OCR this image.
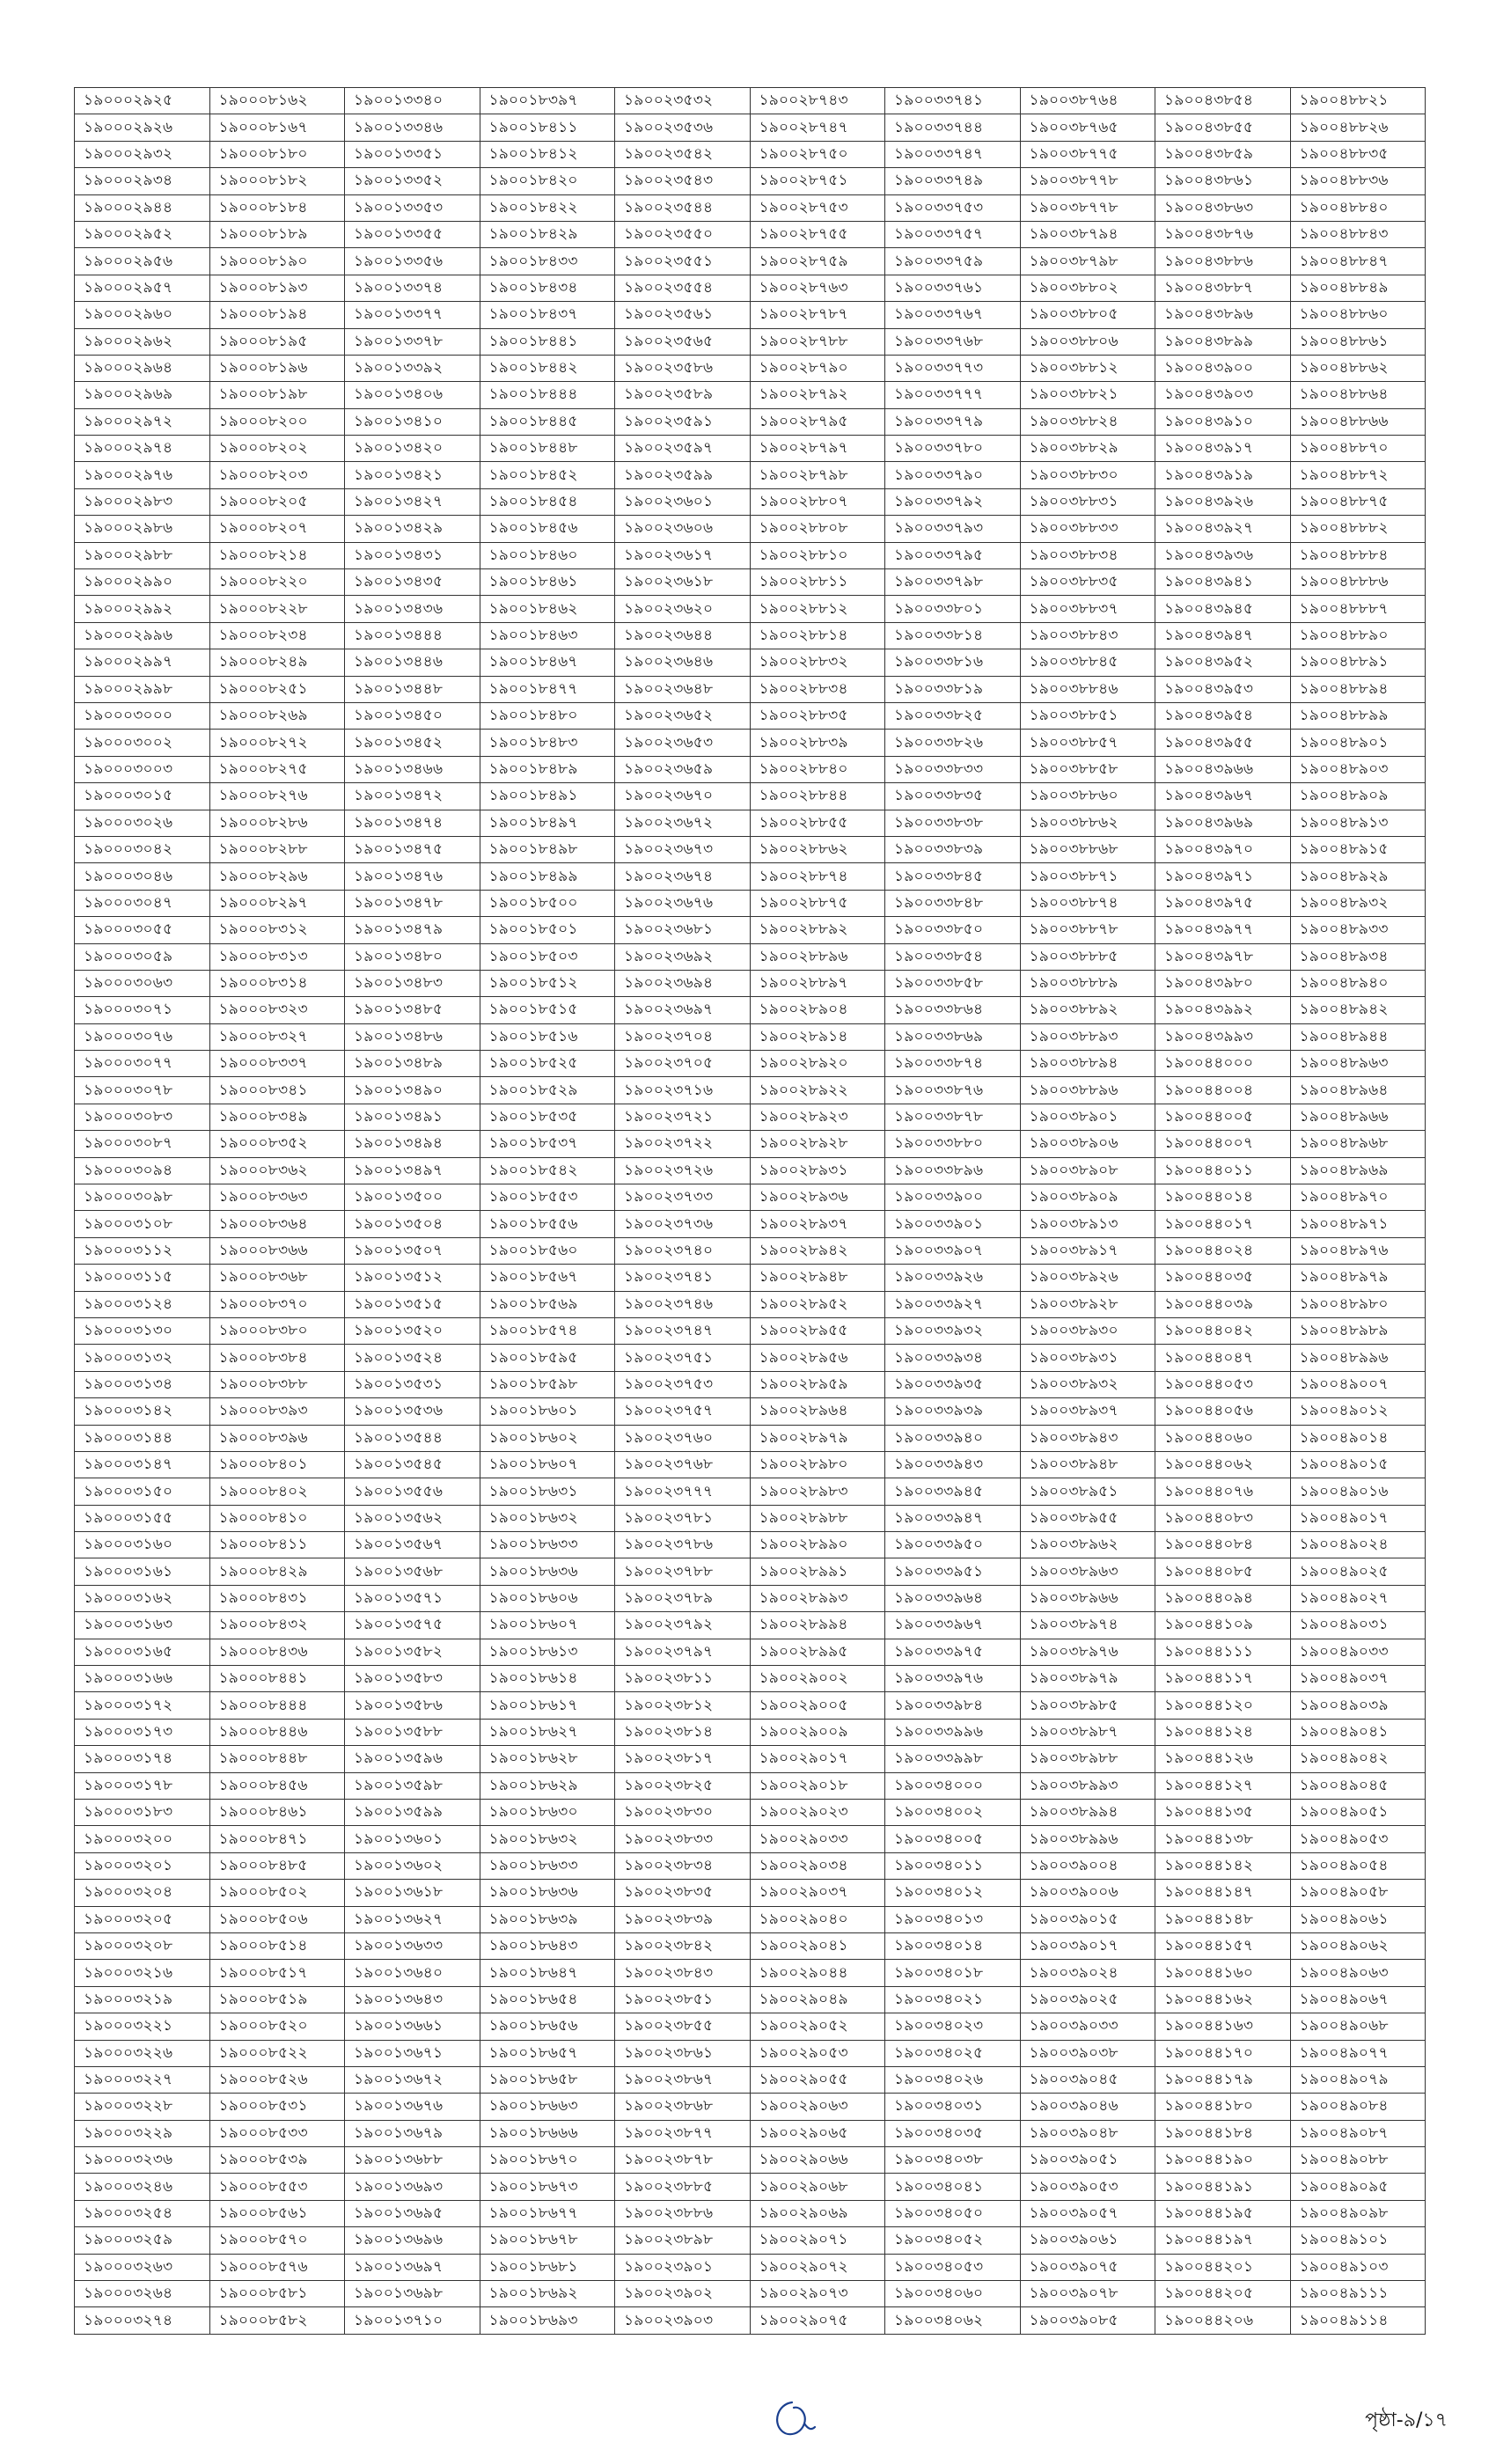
১৯০০০২৯২৫	১৯০০০৮১৬২	১৯০০১৩৩৪০	১৯০০১৮৩৯৭	১৯০০২৩৫৩২	১৯০০২৮৭৪৩	১৯০০৩৩৭৪১	১৯০০৩৮৭৬৪	১৯০০৪৩৮৫৪	১৯০০৪৮৮২১
১৯০০০২৯২৬	১৯০০০৮১৬৭	১৯০০১৩৩৪৬	১৯০০১৮৪১১	১৯০০২৩৫৩৬	১৯০০২৮৭৪৭	১৯০০৩৩৭৪৪	১৯০০৩৮৭৬৫	১৯০০৪৩৮৫৫	১৯০০৪৮৮২৬
১৯০০০২৯৩২	১৯০০০৮১৮০	১৯০০১৩৩৫১	১৯০০১৮৪১২	১৯০০২৩৫৪২	১৯০০২৮৭৫০	১৯০০৩৩৭৪৭	১৯০০৩৮৭৭৫	১৯০০৪৩৮৫৯	১৯০০৪৮৮৩৫
১৯০০০২৯৩৪	১৯০০০৮১৮২	১৯০০১৩৩৫২	১৯০০১৮৪২০	১৯০০২৩৫৪৩	১৯০০২৮৭৫১	১৯০০৩৩৭৪৯	১৯০০৩৮৭৭৮	১৯০০৪৩৮৬১	১৯০০৪৮৮৩৬
১৯০০০২৯৪৪	১৯০০০৮১৮৪	১৯০০১৩৩৫৩	১৯০০১৮৪২২	১৯০০২৩৫৪৪	১৯০০২৮৭৫৩	১৯০০৩৩৭৫৩	১৯০০৩৮৭৭৮	১৯০০৪৩৮৬৩	১৯০০৪৮৮৪০
১৯০০০২৯৫২	১৯০০০৮১৮৯	১৯০০১৩৩৫৫	১৯০০১৮৪২৯	১৯০০২৩৫৫০	১৯০০২৮৭৫৫	১৯০০৩৩৭৫৭	১৯০০৩৮৭৯৪	১৯০০৪৩৮৭৬	১৯০০৪৮৮৪৩
১৯০০০২৯৫৬	১৯০০০৮১৯০	১৯০০১৩৩৫৬	১৯০০১৮৪৩৩	১৯০০২৩৫৫১	১৯০০২৮৭৫৯	১৯০০৩৩৭৫৯	১৯০০৩৮৭৯৮	১৯০০৪৩৮৮৬	১৯০০৪৮৮৪৭
১৯০০০২৯৫৭	১৯০০০৮১৯৩	১৯০০১৩৩৭৪	১৯০০১৮৪৩৪	১৯০০২৩৫৫৪	১৯০০২৮৭৬৩	১৯০০৩৩৭৬১	১৯০০৩৮৮০২	১৯০০৪৩৮৮৭	১৯০০৪৮৮৪৯
১৯০০০২৯৬০	১৯০০০৮১৯৪	১৯০০১৩৩৭৭	১৯০০১৮৪৩৭	১৯০০২৩৫৬১	১৯০০২৮৭৮৭	১৯০০৩৩৭৬৭	১৯০০৩৮৮০৫	১৯০০৪৩৮৯৬	১৯০০৪৮৮৬০
১৯০০০২৯৬২	১৯০০০৮১৯৫	১৯০০১৩৩৭৮	১৯০০১৮৪৪১	১৯০০২৩৫৬৫	১৯০০২৮৭৮৮	১৯০০৩৩৭৬৮	১৯০০৩৮৮০৬	১৯০০৪৩৮৯৯	১৯০০৪৮৮৬১
১৯০০০২৯৬৪	১৯০০০৮১৯৬	১৯০০১৩৩৯২	১৯০০১৮৪৪২	১৯০০২৩৫৮৬	১৯০০২৮৭৯০	১৯০০৩৩৭৭৩	১৯০০৩৮৮১২	১৯০০৪৩৯০০	১৯০০৪৮৮৬২
১৯০০০২৯৬৯	১৯০০০৮১৯৮	১৯০০১৩৪০৬	১৯০০১৮৪৪৪	১৯০০২৩৫৮৯	১৯০০২৮৭৯২	১৯০০৩৩৭৭৭	১৯০০৩৮৮২১	১৯০০৪৩৯০৩	১৯০০৪৮৮৬৪
১৯০০০২৯৭২	১৯০০০৮২০০	১৯০০১৩৪১০	১৯০০১৮৪৪৫	১৯০০২৩৫৯১	১৯০০২৮৭৯৫	১৯০০৩৩৭৭৯	১৯০০৩৮৮২৪	১৯০০৪৩৯১০	১৯০০৪৮৮৬৬
১৯০০০২৯৭৪	১৯০০০৮২০২	১৯০০১৩৪২০	১৯০০১৮৪৪৮	১৯০০২৩৫৯৭	১৯০০২৮৭৯৭	১৯০০৩৩৭৮০	১৯০০৩৮৮২৯	১৯০০৪৩৯১৭	১৯০০৪৮৮৭০
১৯০০০২৯৭৬	১৯০০০৮২০৩	১৯০০১৩৪২১	১৯০০১৮৪৫২	১৯০০২৩৫৯৯	১৯০০২৮৭৯৮	১৯০০৩৩৭৯০	১৯০০৩৮৮৩০	১৯০০৪৩৯১৯	১৯০০৪৮৮৭২
১৯০০০২৯৮৩	১৯০০০৮২০৫	১৯০০১৩৪২৭	১৯০০১৮৪৫৪	১৯০০২৩৬০১	১৯০০২৮৮০৭	১৯০০৩৩৭৯২	১৯০০৩৮৮৩১	১৯০০৪৩৯২৬	১৯০০৪৮৮৭৫
১৯০০০২৯৮৬	১৯০০০৮২০৭	১৯০০১৩৪২৯	১৯০০১৮৪৫৬	১৯০০২৩৬০৬	১৯০০২৮৮০৮	১৯০০৩৩৭৯৩	১৯০০৩৮৮৩৩	১৯০০৪৩৯২৭	১৯০০৪৮৮৮২
১৯০০০২৯৮৮	১৯০০০৮২১৪	১৯০০১৩৪৩১	১৯০০১৮৪৬০	১৯০০২৩৬১৭	১৯০০২৮৮১০	১৯০০৩৩৭৯৫	১৯০০৩৮৮৩৪	১৯০০৪৩৯৩৬	১৯০০৪৮৮৮৪
১৯০০০২৯৯০	১৯০০০৮২২০	১৯০০১৩৪৩৫	১৯০০১৮৪৬১	১৯০০২৩৬১৮	১৯০০২৮৮১১	১৯০০৩৩৭৯৮	১৯০০৩৮৮৩৫	১৯০০৪৩৯৪১	১৯০০৪৮৮৮৬
১৯০০০২৯৯২	১৯০০০৮২২৮	১৯০০১৩৪৩৬	১৯০০১৮৪৬২	১৯০০২৩৬২০	১৯০০২৮৮১২	১৯০০৩৩৮০১	১৯০০৩৮৮৩৭	১৯০০৪৩৯৪৫	১৯০০৪৮৮৮৭
১৯০০০২৯৯৬	১৯০০০৮২৩৪	১৯০০১৩৪৪৪	১৯০০১৮৪৬৩	১৯০০২৩৬৪৪	১৯০০২৮৮১৪	১৯০০৩৩৮১৪	১৯০০৩৮৮৪৩	১৯০০৪৩৯৪৭	১৯০০৪৮৮৯০
১৯০০০২৯৯৭	১৯০০০৮২৪৯	১৯০০১৩৪৪৬	১৯০০১৮৪৬৭	১৯০০২৩৬৪৬	১৯০০২৮৮৩২	১৯০০৩৩৮১৬	১৯০০৩৮৮৪৫	১৯০০৪৩৯৫২	১৯০০৪৮৮৯১
১৯০০০২৯৯৮	১৯০০০৮২৫১	১৯০০১৩৪৪৮	১৯০০১৮৪৭৭	১৯০০২৩৬৪৮	১৯০০২৮৮৩৪	১৯০০৩৩৮১৯	১৯০০৩৮৮৪৬	১৯০০৪৩৯৫৩	১৯০০৪৮৮৯৪
১৯০০০৩০০০	১৯০০০৮২৬৯	১৯০০১৩৪৫০	১৯০০১৮৪৮০	১৯০০২৩৬৫২	১৯০০২৮৮৩৫	১৯০০৩৩৮২৫	১৯০০৩৮৮৫১	১৯০০৪৩৯৫৪	১৯০০৪৮৮৯৯
১৯০০০৩০০২	১৯০০০৮২৭২	১৯০০১৩৪৫২	১৯০০১৮৪৮৩	১৯০০২৩৬৫৩	১৯০০২৮৮৩৯	১৯০০৩৩৮২৬	১৯০০৩৮৮৫৭	১৯০০৪৩৯৫৫	১৯০০৪৮৯০১
১৯০০০৩০০৩	১৯০০০৮২৭৫	১৯০০১৩৪৬৬	১৯০০১৮৪৮৯	১৯০০২৩৬৫৯	১৯০০২৮৮৪০	১৯০০৩৩৮৩৩	১৯০০৩৮৮৫৮	১৯০০৪৩৯৬৬	১৯০০৪৮৯০৩
১৯০০০৩০১৫	১৯০০০৮২৭৬	১৯০০১৩৪৭২	১৯০০১৮৪৯১	১৯০০২৩৬৭০	১৯০০২৮৮৪৪	১৯০০৩৩৮৩৫	১৯০০৩৮৮৬০	১৯০০৪৩৯৬৭	১৯০০৪৮৯০৯
১৯০০০৩০২৬	১৯০০০৮২৮৬	১৯০০১৩৪৭৪	১৯০০১৮৪৯৭	১৯০০২৩৬৭২	১৯০০২৮৮৫৫	১৯০০৩৩৮৩৮	১৯০০৩৮৮৬২	১৯০০৪৩৯৬৯	১৯০০৪৮৯১৩
১৯০০০৩০৪২	১৯০০০৮২৮৮	১৯০০১৩৪৭৫	১৯০০১৮৪৯৮	১৯০০২৩৬৭৩	১৯০০২৮৮৬২	১৯০০৩৩৮৩৯	১৯০০৩৮৮৬৮	১৯০০৪৩৯৭০	১৯০০৪৮৯১৫
১৯০০০৩০৪৬	১৯০০০৮২৯৬	১৯০০১৩৪৭৬	১৯০০১৮৪৯৯	১৯০০২৩৬৭৪	১৯০০২৮৮৭৪	১৯০০৩৩৮৪৫	১৯০০৩৮৮৭১	১৯০০৪৩৯৭১	১৯০০৪৮৯২৯
১৯০০০৩০৪৭	১৯০০০৮২৯৭	১৯০০১৩৪৭৮	১৯০০১৮৫০০	১৯০০২৩৬৭৬	১৯০০২৮৮৭৫	১৯০০৩৩৮৪৮	১৯০০৩৮৮৭৪	১৯০০৪৩৯৭৫	১৯০০৪৮৯৩২
১৯০০০৩০৫৫	১৯০০০৮৩১২	১৯০০১৩৪৭৯	১৯০০১৮৫০১	১৯০০২৩৬৮১	১৯০০২৮৮৯২	১৯০০৩৩৮৫০	১৯০০৩৮৮৭৮	১৯০০৪৩৯৭৭	১৯০০৪৮৯৩৩
১৯০০০৩০৫৯	১৯০০০৮৩১৩	১৯০০১৩৪৮০	১৯০০১৮৫০৩	১৯০০২৩৬৯২	১৯০০২৮৮৯৬	১৯০০৩৩৮৫৪	১৯০০৩৮৮৮৫	১৯০০৪৩৯৭৮	১৯০০৪৮৯৩৪
১৯০০০৩০৬৩	১৯০০০৮৩১৪	১৯০০১৩৪৮৩	১৯০০১৮৫১২	১৯০০২৩৬৯৪	১৯০০২৮৮৯৭	১৯০০৩৩৮৫৮	১৯০০৩৮৮৮৯	১৯০০৪৩৯৮০	১৯০০৪৮৯৪০
১৯০০০৩০৭১	১৯০০০৮৩২৩	১৯০০১৩৪৮৫	১৯০০১৮৫১৫	১৯০০২৩৬৯৭	১৯০০২৮৯০৪	১৯০০৩৩৮৬৪	১৯০০৩৮৮৯২	১৯০০৪৩৯৯২	১৯০০৪৮৯৪২
১৯০০০৩০৭৬	১৯০০০৮৩২৭	১৯০০১৩৪৮৬	১৯০০১৮৫১৬	১৯০০২৩৭০৪	১৯০০২৮৯১৪	১৯০০৩৩৮৬৯	১৯০০৩৮৮৯৩	১৯০০৪৩৯৯৩	১৯০০৪৮৯৪৪
১৯০০০৩০৭৭	১৯০০০৮৩৩৭	১৯০০১৩৪৮৯	১৯০০১৮৫২৫	১৯০০২৩৭০৫	১৯০০২৮৯২০	১৯০০৩৩৮৭৪	১৯০০৩৮৮৯৪	১৯০০৪৪০০০	১৯০০৪৮৯৬৩
১৯০০০৩০৭৮	১৯০০০৮৩৪১	১৯০০১৩৪৯০	১৯০০১৮৫২৯	১৯০০২৩৭১৬	১৯০০২৮৯২২	১৯০০৩৩৮৭৬	১৯০০৩৮৮৯৬	১৯০০৪৪০০৪	১৯০০৪৮৯৬৪
১৯০০০৩০৮৩	১৯০০০৮৩৪৯	১৯০০১৩৪৯১	১৯০০১৮৫৩৫	১৯০০২৩৭২১	১৯০০২৮৯২৩	১৯০০৩৩৮৭৮	১৯০০৩৮৯০১	১৯০০৪৪০০৫	১৯০০৪৮৯৬৬
১৯০০০৩০৮৭	১৯০০০৮৩৫২	১৯০০১৩৪৯৪	১৯০০১৮৫৩৭	১৯০০২৩৭২২	১৯০০২৮৯২৮	১৯০০৩৩৮৮০	১৯০০৩৮৯০৬	১৯০০৪৪০০৭	১৯০০৪৮৯৬৮
১৯০০০৩০৯৪	১৯০০০৮৩৬২	১৯০০১৩৪৯৭	১৯০০১৮৫৪২	১৯০০২৩৭২৬	১৯০০২৮৯৩১	১৯০০৩৩৮৯৬	১৯০০৩৮৯০৮	১৯০০৪৪০১১	১৯০০৪৮৯৬৯
১৯০০০৩০৯৮	১৯০০০৮৩৬৩	১৯০০১৩৫০০	১৯০০১৮৫৫৩	১৯০০২৩৭৩৩	১৯০০২৮৯৩৬	১৯০০৩৩৯০০	১৯০০৩৮৯০৯	১৯০০৪৪০১৪	১৯০০৪৮৯৭০
১৯০০০৩১০৮	১৯০০০৮৩৬৪	১৯০০১৩৫০৪	১৯০০১৮৫৫৬	১৯০০২৩৭৩৬	১৯০০২৮৯৩৭	১৯০০৩৩৯০১	১৯০০৩৮৯১৩	১৯০০৪৪০১৭	১৯০০৪৮৯৭১
১৯০০০৩১১২	১৯০০০৮৩৬৬	১৯০০১৩৫০৭	১৯০০১৮৫৬০	১৯০০২৩৭৪০	১৯০০২৮৯৪২	১৯০০৩৩৯০৭	১৯০০৩৮৯১৭	১৯০০৪৪০২৪	১৯০০৪৮৯৭৬
১৯০০০৩১১৫	১৯০০০৮৩৬৮	১৯০০১৩৫১২	১৯০০১৮৫৬৭	১৯০০২৩৭৪১	১৯০০২৮৯৪৮	১৯০০৩৩৯২৬	১৯০০৩৮৯২৬	১৯০০৪৪০৩৫	১৯০০৪৮৯৭৯
১৯০০০৩১২৪	১৯০০০৮৩৭০	১৯০০১৩৫১৫	১৯০০১৮৫৬৯	১৯০০২৩৭৪৬	১৯০০২৮৯৫২	১৯০০৩৩৯২৭	১৯০০৩৮৯২৮	১৯০০৪৪০৩৯	১৯০০৪৮৯৮০
১৯০০০৩১৩০	১৯০০০৮৩৮০	১৯০০১৩৫২০	১৯০০১৮৫৭৪	১৯০০২৩৭৪৭	১৯০০২৮৯৫৫	১৯০০৩৩৯৩২	১৯০০৩৮৯৩০	১৯০০৪৪০৪২	১৯০০৪৮৯৮৯
১৯০০০৩১৩২	১৯০০০৮৩৮৪	১৯০০১৩৫২৪	১৯০০১৮৫৯৫	১৯০০২৩৭৫১	১৯০০২৮৯৫৬	১৯০০৩৩৯৩৪	১৯০০৩৮৯৩১	১৯০০৪৪০৪৭	১৯০০৪৮৯৯৬
১৯০০০৩১৩৪	১৯০০০৮৩৮৮	১৯০০১৩৫৩১	১৯০০১৮৫৯৮	১৯০০২৩৭৫৩	১৯০০২৮৯৫৯	১৯০০৩৩৯৩৫	১৯০০৩৮৯৩২	১৯০০৪৪০৫৩	১৯০০৪৯০০৭
১৯০০০৩১৪২	১৯০০০৮৩৯৩	১৯০০১৩৫৩৬	১৯০০১৮৬০১	১৯০০২৩৭৫৭	১৯০০২৮৯৬৪	১৯০০৩৩৯৩৯	১৯০০৩৮৯৩৭	১৯০০৪৪০৫৬	১৯০০৪৯০১২
১৯০০০৩১৪৪	১৯০০০৮৩৯৬	১৯০০১৩৫৪৪	১৯০০১৮৬০২	১৯০০২৩৭৬০	১৯০০২৮৯৭৯	১৯০০৩৩৯৪০	১৯০০৩৮৯৪৩	১৯০০৪৪০৬০	১৯০০৪৯০১৪
১৯০০০৩১৪৭	১৯০০০৮৪০১	১৯০০১৩৫৪৫	১৯০০১৮৬০৭	১৯০০২৩৭৬৮	১৯০০২৮৯৮০	১৯০০৩৩৯৪৩	১৯০০৩৮৯৪৮	১৯০০৪৪০৬২	১৯০০৪৯০১৫
১৯০০০৩১৫০	১৯০০০৮৪০২	১৯০০১৩৫৫৬	১৯০০১৮৬৩১	১৯০০২৩৭৭৭	১৯০০২৮৯৮৩	১৯০০৩৩৯৪৫	১৯০০৩৮৯৫১	১৯০০৪৪০৭৬	১৯০০৪৯০১৬
১৯০০০৩১৫৫	১৯০০০৮৪১০	১৯০০১৩৫৬২	১৯০০১৮৬৩২	১৯০০২৩৭৮১	১৯০০২৮৯৮৮	১৯০০৩৩৯৪৭	১৯০০৩৮৯৫৫	১৯০০৪৪০৮৩	১৯০০৪৯০১৭
১৯০০০৩১৬০	১৯০০০৮৪১১	১৯০০১৩৫৬৭	১৯০০১৮৬৩৩	১৯০০২৩৭৮৬	১৯০০২৮৯৯০	১৯০০৩৩৯৫০	১৯০০৩৮৯৬২	১৯০০৪৪০৮৪	১৯০০৪৯০২৪
১৯০০০৩১৬১	১৯০০০৮৪২৯	১৯০০১৩৫৬৮	১৯০০১৮৬৩৬	১৯০০২৩৭৮৮	১৯০০২৮৯৯১	১৯০০৩৩৯৫১	১৯০০৩৮৯৬৩	১৯০০৪৪০৮৫	১৯০০৪৯০২৫
১৯০০০৩১৬২	১৯০০০৮৪৩১	১৯০০১৩৫৭১	১৯০০১৮৬০৬	১৯০০২৩৭৮৯	১৯০০২৮৯৯৩	১৯০০৩৩৯৬৪	১৯০০৩৮৯৬৬	১৯০০৪৪০৯৪	১৯০০৪৯০২৭
১৯০০০৩১৬৩	১৯০০০৮৪৩২	১৯০০১৩৫৭৫	১৯০০১৮৬০৭	১৯০০২৩৭৯২	১৯০০২৮৯৯৪	১৯০০৩৩৯৬৭	১৯০০৩৮৯৭৪	১৯০০৪৪১০৯	১৯০০৪৯০৩১
১৯০০০৩১৬৫	১৯০০০৮৪৩৬	১৯০০১৩৫৮২	১৯০০১৮৬১৩	১৯০০২৩৭৯৭	১৯০০২৮৯৯৫	১৯০০৩৩৯৭৫	১৯০০৩৮৯৭৬	১৯০০৪৪১১১	১৯০০৪৯০৩৩
১৯০০০৩১৬৬	১৯০০০৮৪৪১	১৯০০১৩৫৮৩	১৯০০১৮৬১৪	১৯০০২৩৮১১	১৯০০২৯০০২	১৯০০৩৩৯৭৬	১৯০০৩৮৯৭৯	১৯০০৪৪১১৭	১৯০০৪৯০৩৭
১৯০০০৩১৭২	১৯০০০৮৪৪৪	১৯০০১৩৫৮৬	১৯০০১৮৬১৭	১৯০০২৩৮১২	১৯০০২৯০০৫	১৯০০৩৩৯৮৪	১৯০০৩৮৯৮৫	১৯০০৪৪১২০	১৯০০৪৯০৩৯
১৯০০০৩১৭৩	১৯০০০৮৪৪৬	১৯০০১৩৫৮৮	১৯০০১৮৬২৭	১৯০০২৩৮১৪	১৯০০২৯০০৯	১৯০০৩৩৯৯৬	১৯০০৩৮৯৮৭	১৯০০৪৪১২৪	১৯০০৪৯০৪১
১৯০০০৩১৭৪	১৯০০০৮৪৪৮	১৯০০১৩৫৯৬	১৯০০১৮৬২৮	১৯০০২৩৮১৭	১৯০০২৯০১৭	১৯০০৩৩৯৯৮	১৯০০৩৮৯৮৮	১৯০০৪৪১২৬	১৯০০৪৯০৪২
১৯০০০৩১৭৮	১৯০০০৮৪৫৬	১৯০০১৩৫৯৮	১৯০০১৮৬২৯	১৯০০২৩৮২৫	১৯০০২৯০১৮	১৯০০৩৪০০০	১৯০০৩৮৯৯৩	১৯০০৪৪১২৭	১৯০০৪৯০৪৫
১৯০০০৩১৮৩	১৯০০০৮৪৬১	১৯০০১৩৫৯৯	১৯০০১৮৬৩০	১৯০০২৩৮৩০	১৯০০২৯০২৩	১৯০০৩৪০০২	১৯০০৩৮৯৯৪	১৯০০৪৪১৩৫	১৯০০৪৯০৫১
১৯০০০৩২০০	১৯০০০৮৪৭১	১৯০০১৩৬০১	১৯০০১৮৬৩২	১৯০০২৩৮৩৩	১৯০০২৯০৩৩	১৯০০৩৪০০৫	১৯০০৩৮৯৯৬	১৯০০৪৪১৩৮	১৯০০৪৯০৫৩
১৯০০০৩২০১	১৯০০০৮৪৮৫	১৯০০১৩৬০২	১৯০০১৮৬৩৩	১৯০০২৩৮৩৪	১৯০০২৯০৩৪	১৯০০৩৪০১১	১৯০০৩৯০০৪	১৯০০৪৪১৪২	১৯০০৪৯০৫৪
১৯০০০৩২০৪	১৯০০০৮৫০২	১৯০০১৩৬১৮	১৯০০১৮৬৩৬	১৯০০২৩৮৩৫	১৯০০২৯০৩৭	১৯০০৩৪০১২	১৯০০৩৯০০৬	১৯০০৪৪১৪৭	১৯০০৪৯০৫৮
১৯০০০৩২০৫	১৯০০০৮৫০৬	১৯০০১৩৬২৭	১৯০০১৮৬৩৯	১৯০০২৩৮৩৯	১৯০০২৯০৪০	১৯০০৩৪০১৩	১৯০০৩৯০১৫	১৯০০৪৪১৪৮	১৯০০৪৯০৬১
১৯০০০৩২০৮	১৯০০০৮৫১৪	১৯০০১৩৬৩৩	১৯০০১৮৬৪৩	১৯০০২৩৮৪২	১৯০০২৯০৪১	১৯০০৩৪০১৪	১৯০০৩৯০১৭	১৯০০৪৪১৫৭	১৯০০৪৯০৬২
১৯০০০৩২১৬	১৯০০০৮৫১৭	১৯০০১৩৬৪০	১৯০০১৮৬৪৭	১৯০০২৩৮৪৩	১৯০০২৯০৪৪	১৯০০৩৪০১৮	১৯০০৩৯০২৪	১৯০০৪৪১৬০	১৯০০৪৯০৬৩
১৯০০০৩২১৯	১৯০০০৮৫১৯	১৯০০১৩৬৪৩	১৯০০১৮৬৫৪	১৯০০২৩৮৫১	১৯০০২৯০৪৯	১৯০০৩৪০২১	১৯০০৩৯০২৫	১৯০০৪৪১৬২	১৯০০৪৯০৬৭
১৯০০০৩২২১	১৯০০০৮৫২০	১৯০০১৩৬৬১	১৯০০১৮৬৫৬	১৯০০২৩৮৫৫	১৯০০২৯০৫২	১৯০০৩৪০২৩	১৯০০৩৯০৩৩	১৯০০৪৪১৬৩	১৯০০৪৯০৬৮
১৯০০০৩২২৬	১৯০০০৮৫২২	১৯০০১৩৬৭১	১৯০০১৮৬৫৭	১৯০০২৩৮৬১	১৯০০২৯০৫৩	১৯০০৩৪০২৫	১৯০০৩৯০৩৮	১৯০০৪৪১৭০	১৯০০৪৯০৭৭
১৯০০০৩২২৭	১৯০০০৮৫২৬	১৯০০১৩৬৭২	১৯০০১৮৬৫৮	১৯০০২৩৮৬৭	১৯০০২৯০৫৫	১৯০০৩৪০২৬	১৯০০৩৯০৪৫	১৯০০৪৪১৭৯	১৯০০৪৯০৭৯
১৯০০০৩২২৮	১৯০০০৮৫৩১	১৯০০১৩৬৭৬	১৯০০১৮৬৬৩	১৯০০২৩৮৬৮	১৯০০২৯০৬৩	১৯০০৩৪০৩১	১৯০০৩৯০৪৬	১৯০০৪৪১৮০	১৯০০৪৯০৮৪
১৯০০০৩২২৯	১৯০০০৮৫৩৩	১৯০০১৩৬৭৯	১৯০০১৮৬৬৬	১৯০০২৩৮৭৭	১৯০০২৯০৬৫	১৯০০৩৪০৩৫	১৯০০৩৯০৪৮	১৯০০৪৪১৮৪	১৯০০৪৯০৮৭
১৯০০০৩২৩৬	১৯০০০৮৫৩৯	১৯০০১৩৬৮৮	১৯০০১৮৬৭০	১৯০০২৩৮৭৮	১৯০০২৯০৬৬	১৯০০৩৪০৩৮	১৯০০৩৯০৫১	১৯০০৪৪১৯০	১৯০০৪৯০৮৮
১৯০০০৩২৪৬	১৯০০০৮৫৫৩	১৯০০১৩৬৯৩	১৯০০১৮৬৭৩	১৯০০২৩৮৮৫	১৯০০২৯০৬৮	১৯০০৩৪০৪১	১৯০০৩৯০৫৩	১৯০০৪৪১৯১	১৯০০৪৯০৯৫
১৯০০০৩২৫৪	১৯০০০৮৫৬১	১৯০০১৩৬৯৫	১৯০০১৮৬৭৭	১৯০০২৩৮৮৬	১৯০০২৯০৬৯	১৯০০৩৪০৫০	১৯০০৩৯০৫৭	১৯০০৪৪১৯৫	১৯০০৪৯০৯৮
১৯০০০৩২৫৯	১৯০০০৮৫৭০	১৯০০১৩৬৯৬	১৯০০১৮৬৭৮	১৯০০২৩৮৯৮	১৯০০২৯০৭১	১৯০০৩৪০৫২	১৯০০৩৯০৬১	১৯০০৪৪১৯৭	১৯০০৪৯১০১
১৯০০০৩২৬৩	১৯০০০৮৫৭৬	১৯০০১৩৬৯৭	১৯০০১৮৬৮১	১৯০০২৩৯০১	১৯০০২৯০৭২	১৯০০৩৪০৫৩	১৯০০৩৯০৭৫	১৯০০৪৪২০১	১৯০০৪৯১০৩
১৯০০০৩২৬৪	১৯০০০৮৫৮১	১৯০০১৩৬৯৮	১৯০০১৮৬৯২	১৯০০২৩৯০২	১৯০০২৯০৭৩	১৯০০৩৪০৬০	১৯০০৩৯০৭৮	১৯০০৪৪২০৫	১৯০০৪৯১১১
১৯০০০৩২৭৪	১৯০০০৮৫৮২	১৯০০১৩৭১০	১৯০০১৮৬৯৩	১৯০০২৩৯০৩	১৯০০২৯০৭৫	১৯০০৩৪০৬২	১৯০০৩৯০৮৫	১৯০০৪৪২০৬	১৯০০৪৯১১৪
পৃষ্ঠা-৯/১৭
